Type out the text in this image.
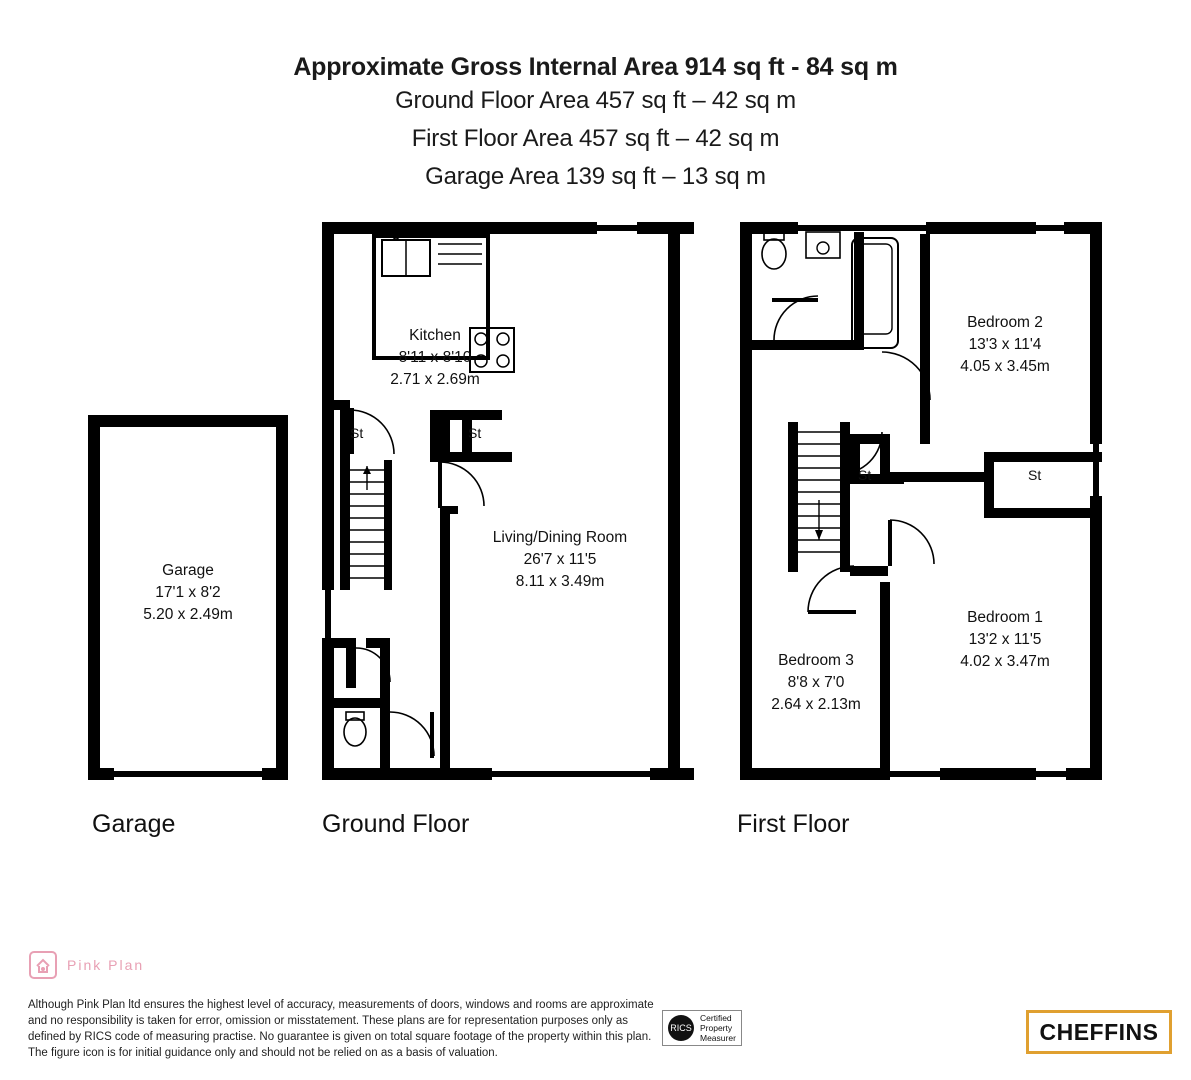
Approximate Gross Internal Area 914 sq ft - 84 sq m
Ground Floor Area 457 sq ft – 42 sq m
First Floor Area 457 sq ft – 42 sq m
Garage Area 139 sq ft – 13 sq m
Garage
17'1 x 8'2
5.20 x 2.49m
Garage
Kitchen
8'11 x 8'10
2.71 x 2.69m
Living/Dining Room
26'7 x 11'5
8.11 x 3.49m
St	St
Ground Floor
Bedroom 2
13'3 x 11'4
4.05 x 3.45m
Bedroom 1
13'2 x 11'5
4.02 x 3.47m
Bedroom 3
8'8 x 7'0
2.64 x 2.13m
St	St
First Floor
Pink Plan
Although Pink Plan ltd ensures the highest level of accuracy, measurements of doors, windows and rooms are approximate and no responsibility is taken for error, omission or misstatement. These plans are for representation purposes only as defined by RICS code of measuring practise. No guarantee is given on total square footage of the property within this plan. The figure icon is for initial guidance only and should not be relied on as a basis of valuation.
RICS
Certified
Property
Measurer	CHEFFINS
